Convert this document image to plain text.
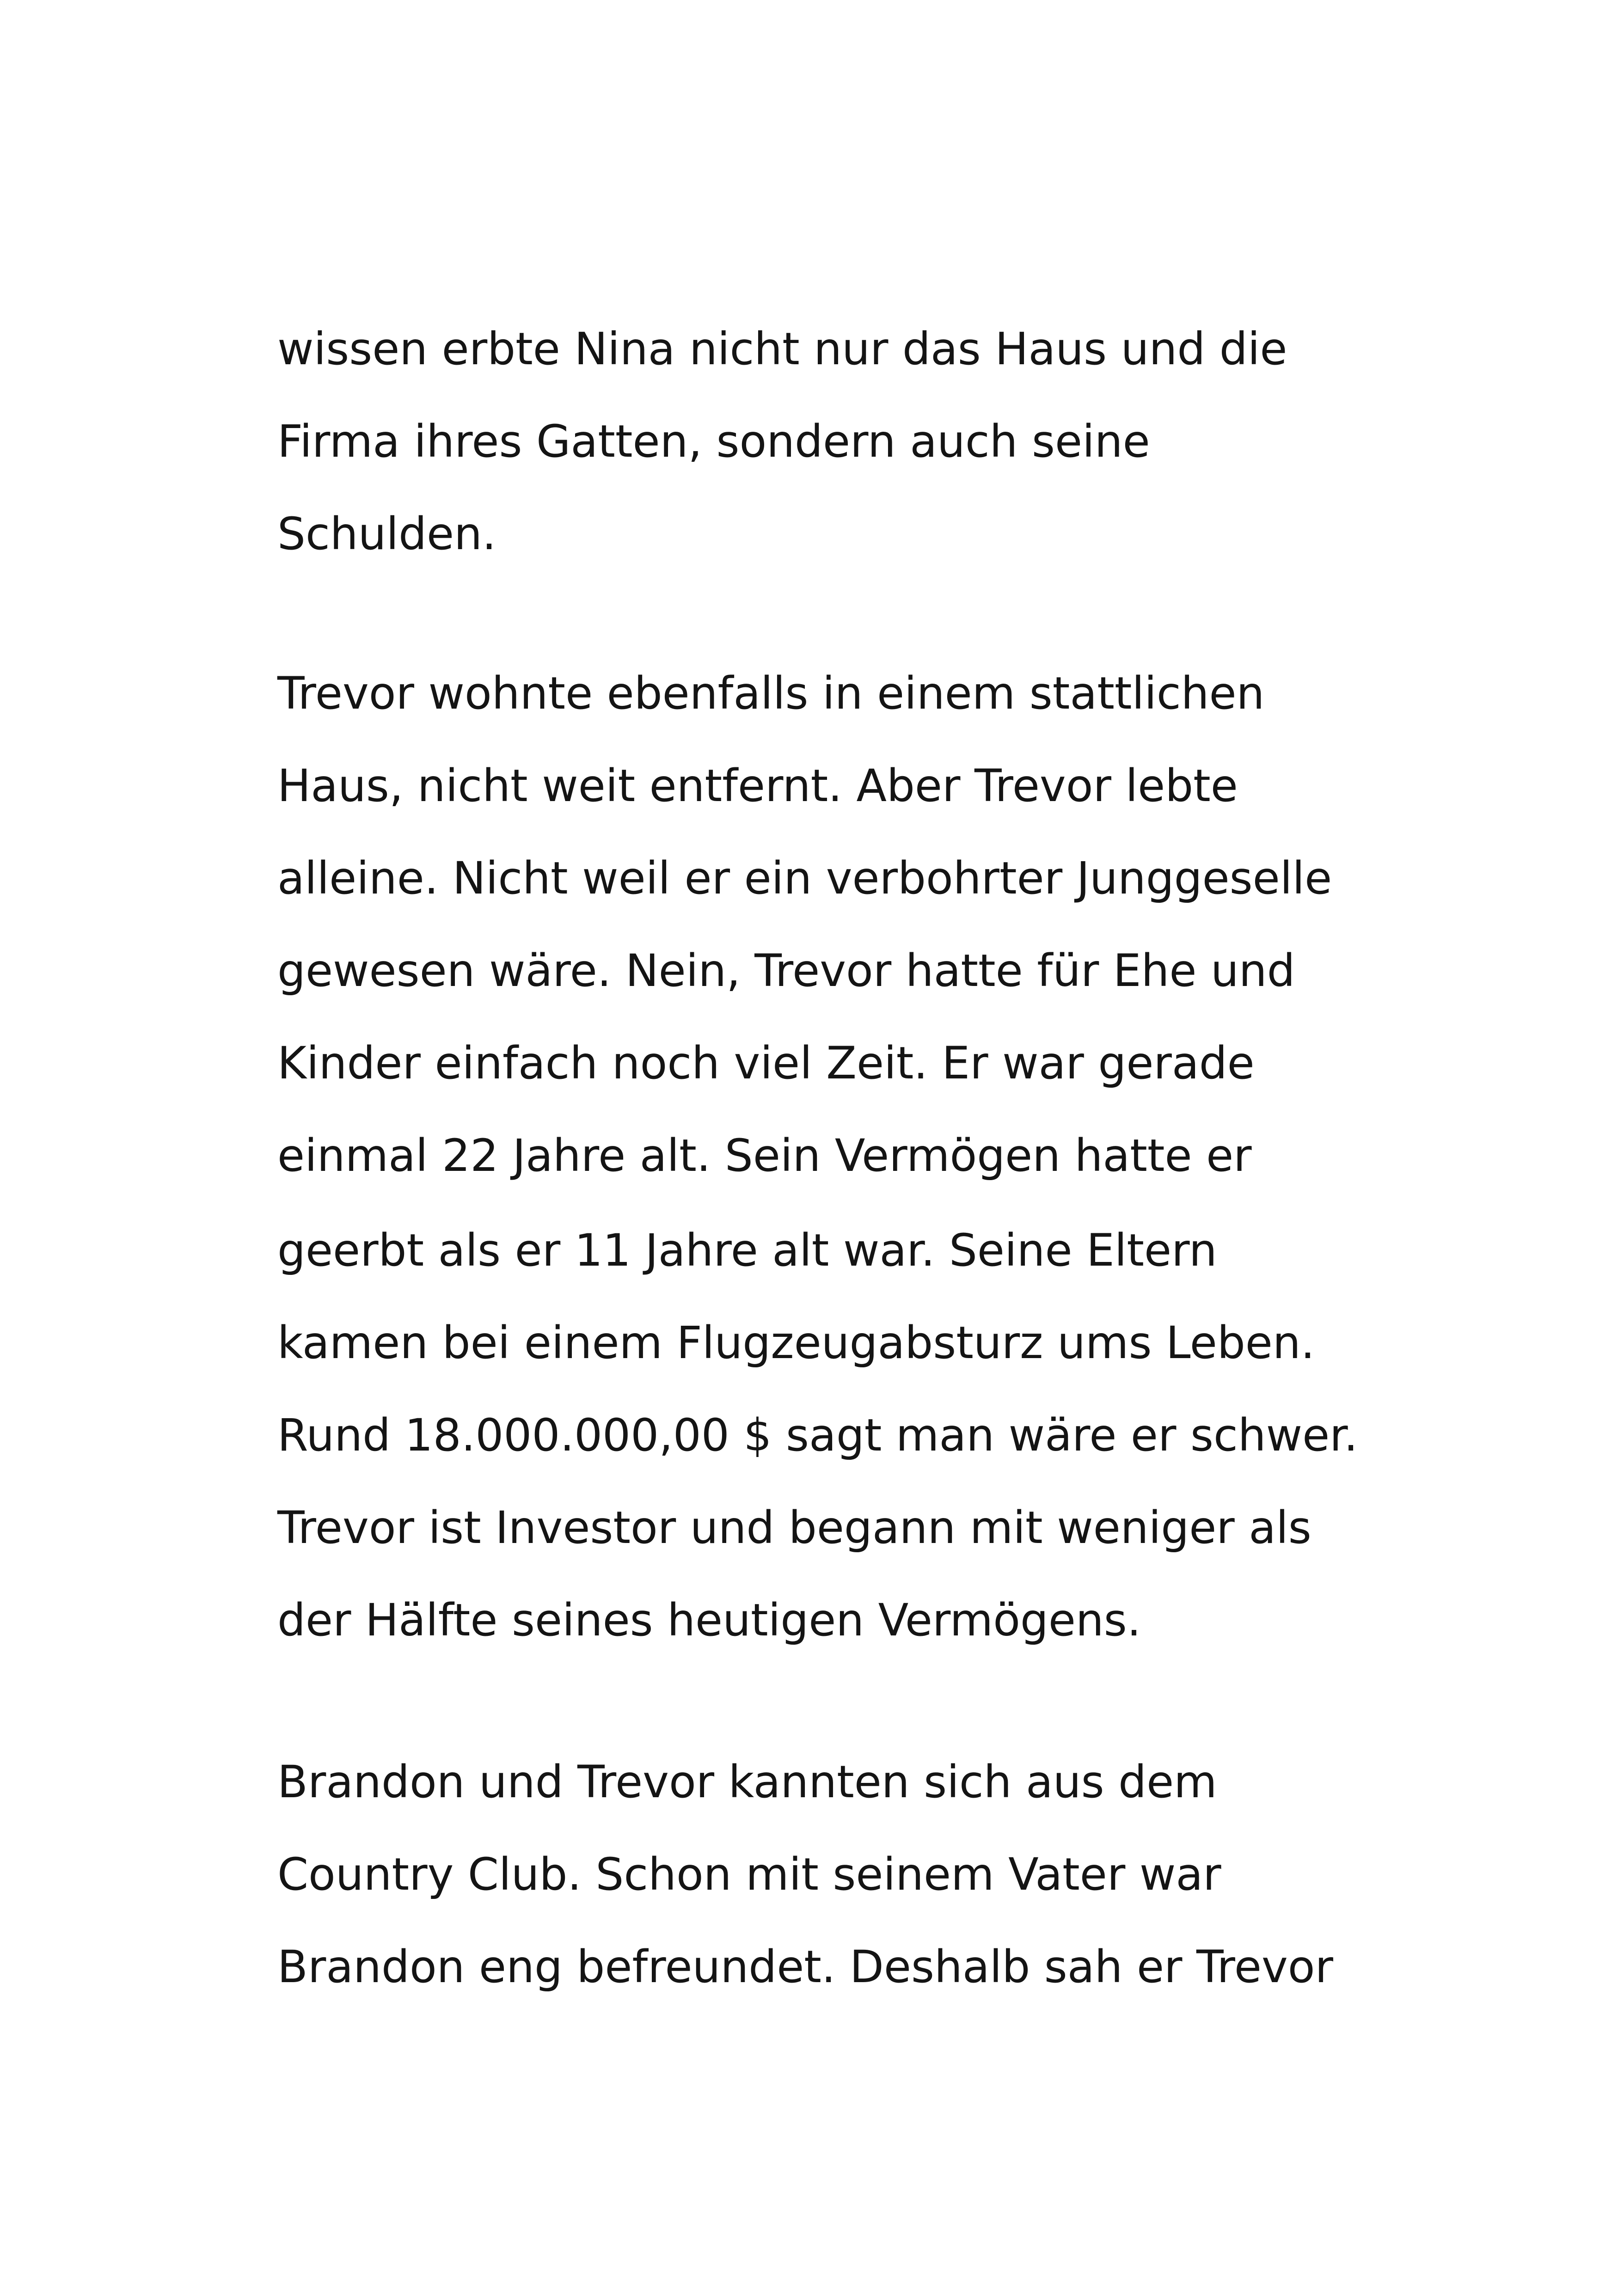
wissen erbte Nina nicht nur das Haus und die

Firma ihres Gatten, sondern auch seine

Schulden.

Trevor wohnte ebenfalls in einem stattlichen

Haus, nicht weit entfernt. Aber Trevor lebte

alleine. Nicht weil er ein verbohrter Junggeselle

gewesen wäre. Nein, Trevor hatte für Ehe und

Kinder einfach noch viel Zeit. Er war gerade

einmal 22 Jahre alt. Sein Vermögen hatte er

geerbt als er 11 Jahre alt war. Seine Eltern

kamen bei einem Flugzeugabsturz ums Leben.

Rund 18.000.000,00 $ sagt man wäre er schwer.

Trevor ist Investor und begann mit weniger als

der Hälfte seines heutigen Vermögens.

Brandon und Trevor kannten sich aus dem

Country Club. Schon mit seinem Vater war

Brandon eng befreundet. Deshalb sah er Trevor
